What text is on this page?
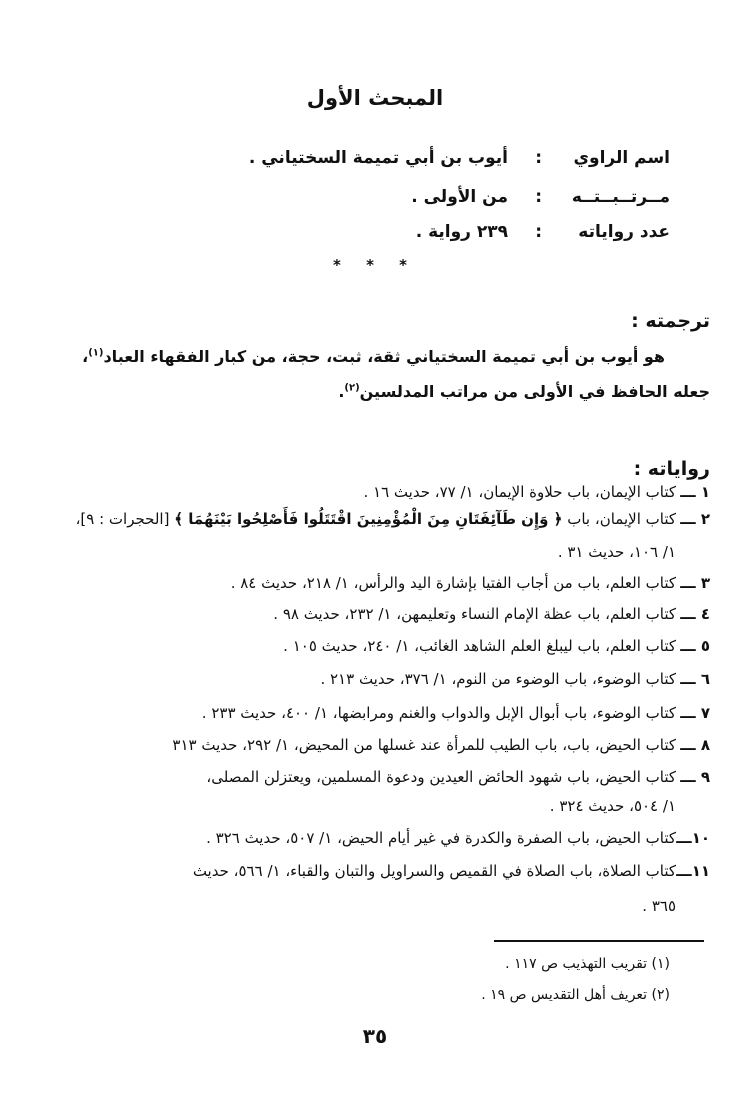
المبحث الأول
اسم الراوي
:
أيوب بن أبي تميمة السختياني .
مــرتــبــتــه
:
من الأولى .
عدد رواياته
:
٢٣٩ رواية .
* * *
ترجمته :
هو أيوب بن أبي تميمة السختياني ثقة، ثبت، حجة، من كبار الفقهاء العباد$^{(١)}$،
جعله الحافظ في الأولى من مراتب المدلسين$^{(٢)}$.
رواياته :
١ ـــ
كتاب الإيمان، باب حلاوة الإيمان، ١/ ٧٧، حديث ١٦ .
٢ ـــ
كتاب الإيمان، باب ﴿ وَإِن طَآئِفَتَانِ مِنَ الْمُؤْمِنِينَ اقْتَتَلُوا فَأَصْلِحُوا بَيْنَهُمَا ﴾ [الحجرات : ٩]،
١/ ١٠٦، حديث ٣١ .
٣ ـــ
كتاب العلم، باب من أجاب الفتيا بإشارة اليد والرأس، ١/ ٢١٨، حديث ٨٤ .
٤ ـــ
كتاب العلم، باب عظة الإمام النساء وتعليمهن، ١/ ٢٣٢، حديث ٩٨ .
٥ ـــ
كتاب العلم، باب ليبلغ العلم الشاهد الغائب، ١/ ٢٤٠، حديث ١٠٥ .
٦ ـــ
كتاب الوضوء، باب الوضوء من النوم، ١/ ٣٧٦، حديث ٢١٣ .
٧ ـــ
كتاب الوضوء، باب أبوال الإبل والدواب والغنم ومرابضها، ١/ ٤٠٠، حديث ٢٣٣ .
٨ ـــ
كتاب الحيض، باب، باب الطيب للمرأة عند غسلها من المحيض، ١/ ٢٩٢، حديث ٣١٣
٩ ـــ
كتاب الحيض، باب شهود الحائض العيدين ودعوة المسلمين، ويعتزلن المصلى،
١/ ٥٠٤، حديث ٣٢٤ .
١٠ـــ
كتاب الحيض، باب الصفرة والكدرة في غير أيام الحيض، ١/ ٥٠٧، حديث ٣٢٦ .
١١ـــ
كتاب الصلاة، باب الصلاة في القميص والسراويل والتبان والقباء، ١/ ٥٦٦، حديث
٣٦٥ .
(١) تقريب التهذيب ص ١١٧ .
(٢) تعريف أهل التقديس ص ١٩ .
٣٥
